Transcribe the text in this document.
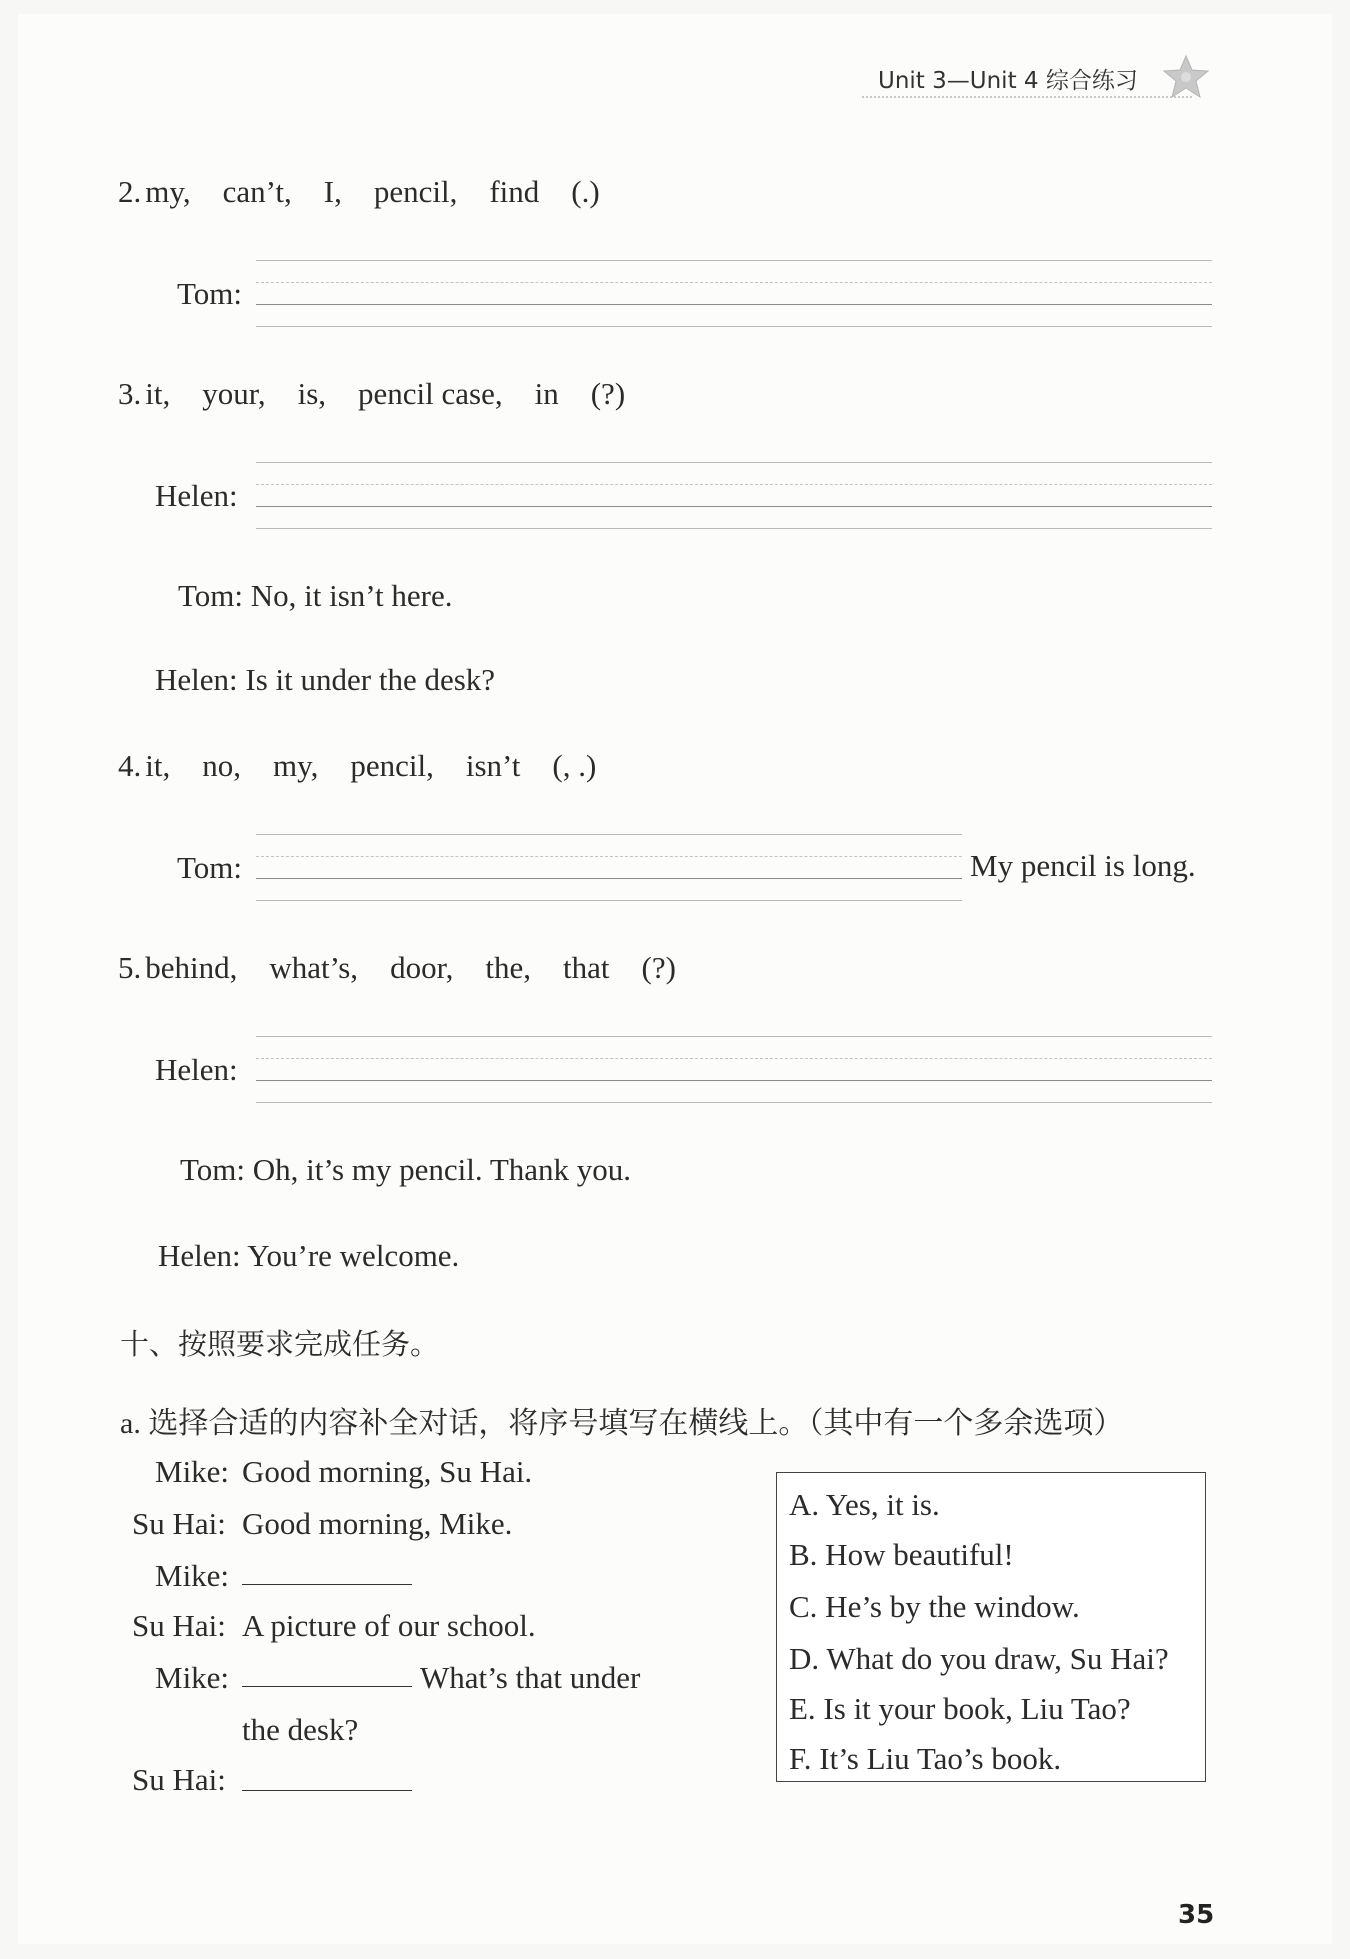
Unit 3—Unit 4 综合练习
2. my, can’t, I, pencil, find (.)
Tom:
3. it, your, is, pencil case, in (?)
Helen:
Tom: No, it isn’t here.
Helen: Is it under the desk?
4. it, no, my, pencil, isn’t (, .)
Tom:	My pencil is long.
5. behind, what’s, door, the, that (?)
Helen:
Tom: Oh, it’s my pencil. Thank you.
Helen: You’re welcome.
十、按照要求完成任务。
a. 选择合适的内容补全对话，将序号填写在横线上。（其中有一个多余选项）
Mike: Good morning, Su Hai.
Su Hai: Good morning, Mike.
Mike:
Su Hai: A picture of our school.
Mike:	What’s that under
the desk?
Su Hai:
A. Yes, it is.
B. How beautiful!
C. He’s by the window.
D. What do you draw, Su Hai?
E. Is it your book, Liu Tao?
F. It’s Liu Tao’s book.
35
